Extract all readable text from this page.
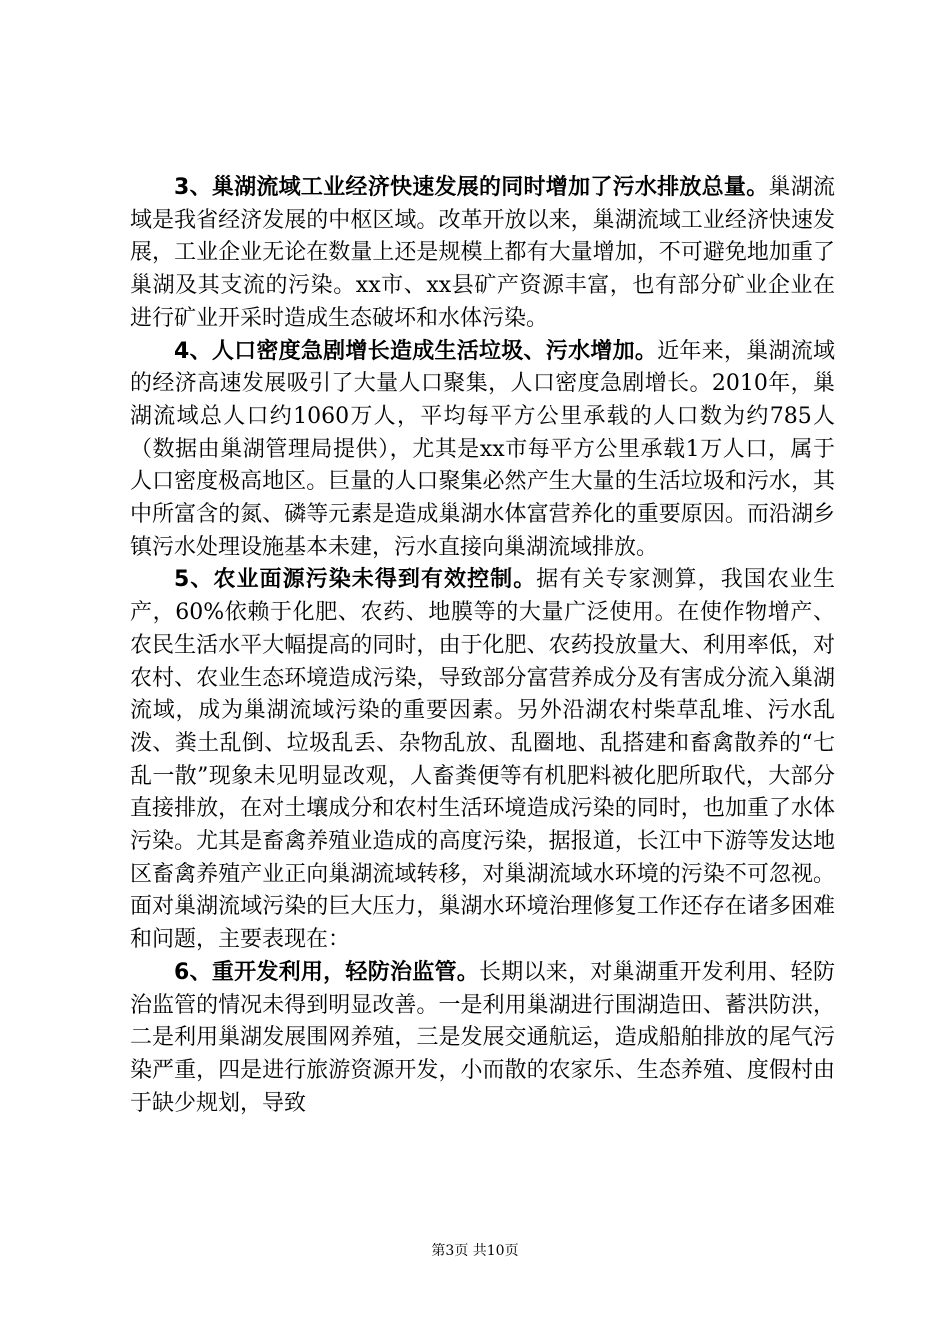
3、巢湖流域工业经济快速发展的同时增加了污水排放总量。巢湖流域是我省经济发展的中枢区域。改革开放以来，巢湖流域工业经济快速发展，工业企业无论在数量上还是规模上都有大量增加，不可避免地加重了巢湖及其支流的污染。xx市、xx县矿产资源丰富，也有部分矿业企业在进行矿业开采时造成生态破坏和水体污染。

4、人口密度急剧增长造成生活垃圾、污水增加。近年来，巢湖流域的经济高速发展吸引了大量人口聚集，人口密度急剧增长。2010年，巢湖流域总人口约1060万人，平均每平方公里承载的人口数为约785人（数据由巢湖管理局提供），尤其是xx市每平方公里承载1万人口，属于人口密度极高地区。巨量的人口聚集必然产生大量的生活垃圾和污水，其中所富含的氮、磷等元素是造成巢湖水体富营养化的重要原因。而沿湖乡镇污水处理设施基本未建，污水直接向巢湖流域排放。

5、农业面源污染未得到有效控制。据有关专家测算，我国农业生产，60%依赖于化肥、农药、地膜等的大量广泛使用。在使作物增产、农民生活水平大幅提高的同时，由于化肥、农药投放量大、利用率低，对农村、农业生态环境造成污染，导致部分富营养成分及有害成分流入巢湖流域，成为巢湖流域污染的重要因素。另外沿湖农村柴草乱堆、污水乱泼、粪土乱倒、垃圾乱丢、杂物乱放、乱圈地、乱搭建和畜禽散养的“七乱一散”现象未见明显改观，人畜粪便等有机肥料被化肥所取代，大部分直接排放，在对土壤成分和农村生活环境造成污染的同时，也加重了水体污染。尤其是畜禽养殖业造成的高度污染，据报道，长江中下游等发达地区畜禽养殖产业正向巢湖流域转移，对巢湖流域水环境的污染不可忽视。面对巢湖流域污染的巨大压力，巢湖水环境治理修复工作还存在诸多困难和问题，主要表现在：

6、重开发利用，轻防治监管。长期以来，对巢湖重开发利用、轻防治监管的情况未得到明显改善。一是利用巢湖进行围湖造田、蓄洪防洪，二是利用巢湖发展围网养殖，三是发展交通航运，造成船舶排放的尾气污染严重，四是进行旅游资源开发，小而散的农家乐、生态养殖、度假村由于缺少规划，导致

第3页 共10页
